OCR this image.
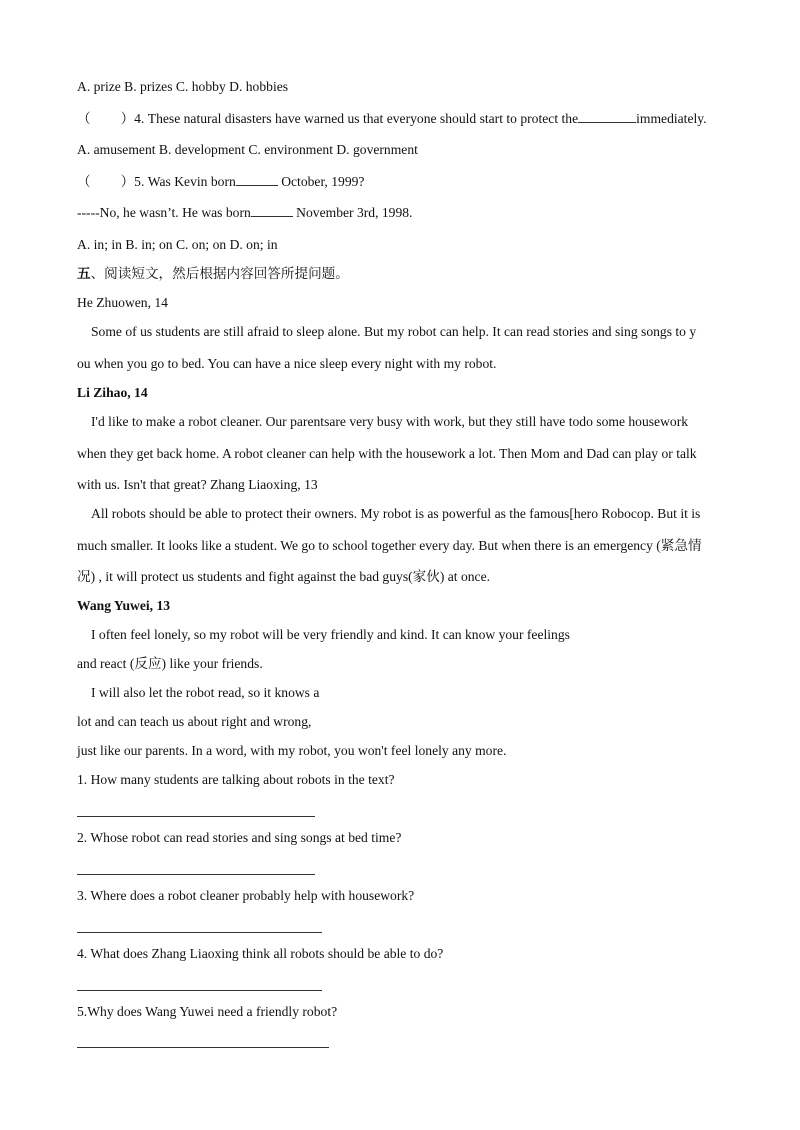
A. prize B. prizes C. hobby D. hobbies
（ ）4. These natural disasters have warned us that everyone should start to protect the	immediately.
A. amusement B. development C. environment D. government
（ ）5. Was Kevin born	October, 1999?
-----No, he wasn’t. He was born	November 3rd, 1998.
A. in; in B. in; on C. on; on D. on; in
五、阅读短文，然后根据内容回答所提问题。
He Zhuowen, 14
Some of us students are still afraid to sleep alone. But my robot can help. It can read stories and sing songs to y
ou when you go to bed. You can have a nice sleep every night with my robot.
Li Zihao, 14
I'd like to make a robot cleaner. Our parentsare very busy with work, but they still have todo some housework
when they get back home. A robot cleaner can help with the housework a lot. Then Mom and Dad can play or talk
with us. Isn't that great? Zhang Liaoxing, 13
All robots should be able to protect their owners. My robot is as powerful as the famous[hero Robocop. But it is
much smaller. It looks like a student. We go to school together every day. But when there is an emergency (紧急情
况) , it will protect us students and fight against the bad guys(家伙) at once.
Wang Yuwei, 13
I often feel lonely, so my robot will be very friendly and kind. It can know your feelings
and react (反应) like your friends.
I will also let the robot read, so it knows a
lot and can teach us about right and wrong,
just like our parents. In a word, with my robot, you won't feel lonely any more.
1. How many students are talking about robots in the text?
2. Whose robot can read stories and sing songs at bed time?
3. Where does a robot cleaner probably help with housework?
4. What does Zhang Liaoxing think all robots should be able to do?
5.Why does Wang Yuwei need a friendly robot?
